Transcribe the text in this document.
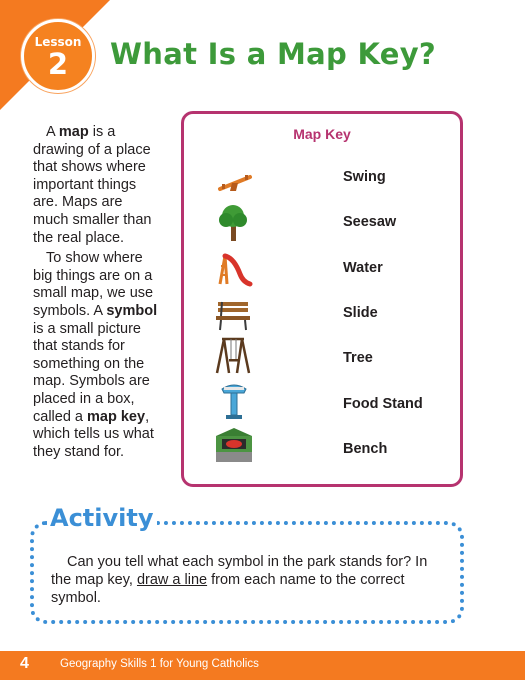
Lesson
2	What Is a Map Key?

A map is a drawing of a place that shows where important things are. Maps are much smaller than the real place.

To show where big things are on a small map, we use symbols. A symbol is a small picture that stands for something on the map. Symbols are placed in a box, called a map key, which tells us what they stand for.

Map Key
Swing
Seesaw
Water
Slide
Tree
Food Stand
Bench
Activity
Can you tell what each symbol in the park stands for? In the map key, draw a line from each name to the correct symbol.
4	Geography Skills 1 for Young Catholics
